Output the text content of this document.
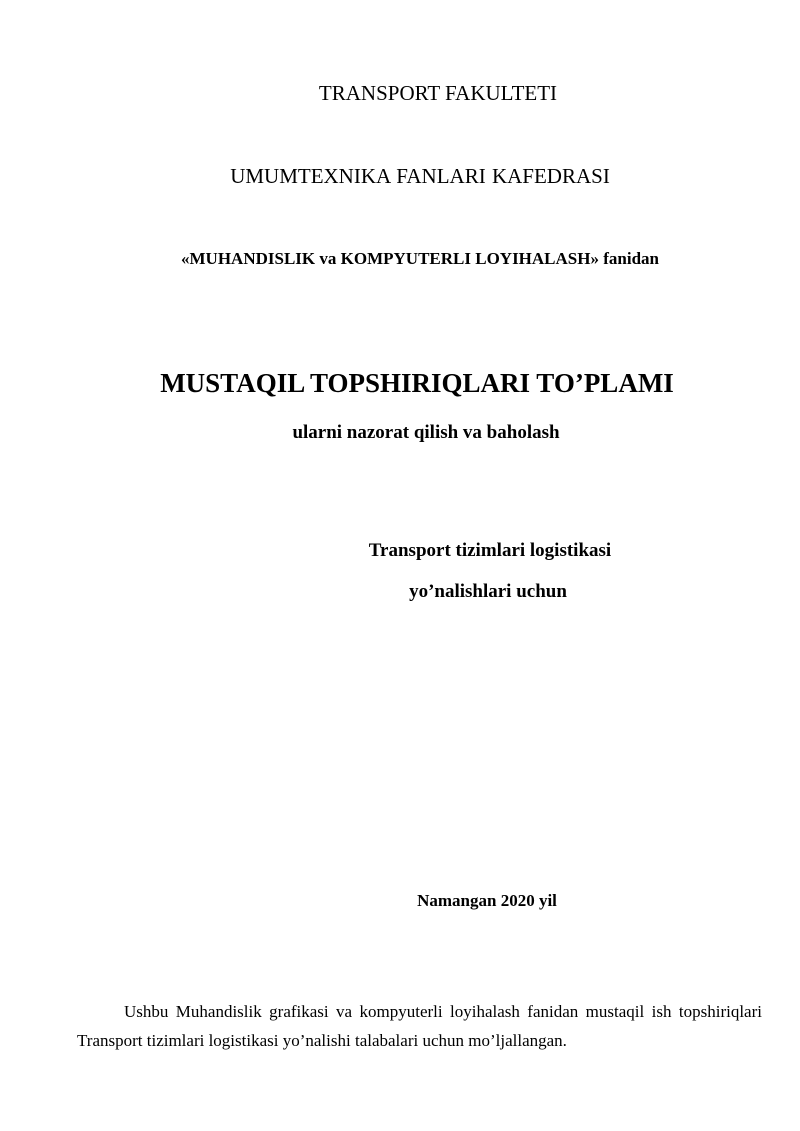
TRANSPORT FAKULTETI
UMUMTEXNIKA FANLARI KAFEDRASI
«MUHANDISLIK va KOMPYUTERLI LOYIHALASH» fanidan
MUSTAQIL TOPSHIRIQLARI TO’PLAMI
ularni nazorat qilish va baholash
Transport tizimlari logistikasi
yo’nalishlari uchun
Namangan 2020 yil
Ushbu Muhandislik grafikasi va kompyuterli loyihalash fanidan mustaqil ish topshiriqlari Transport tizimlari logistikasi yo’nalishi talabalari uchun mo’ljallangan.
